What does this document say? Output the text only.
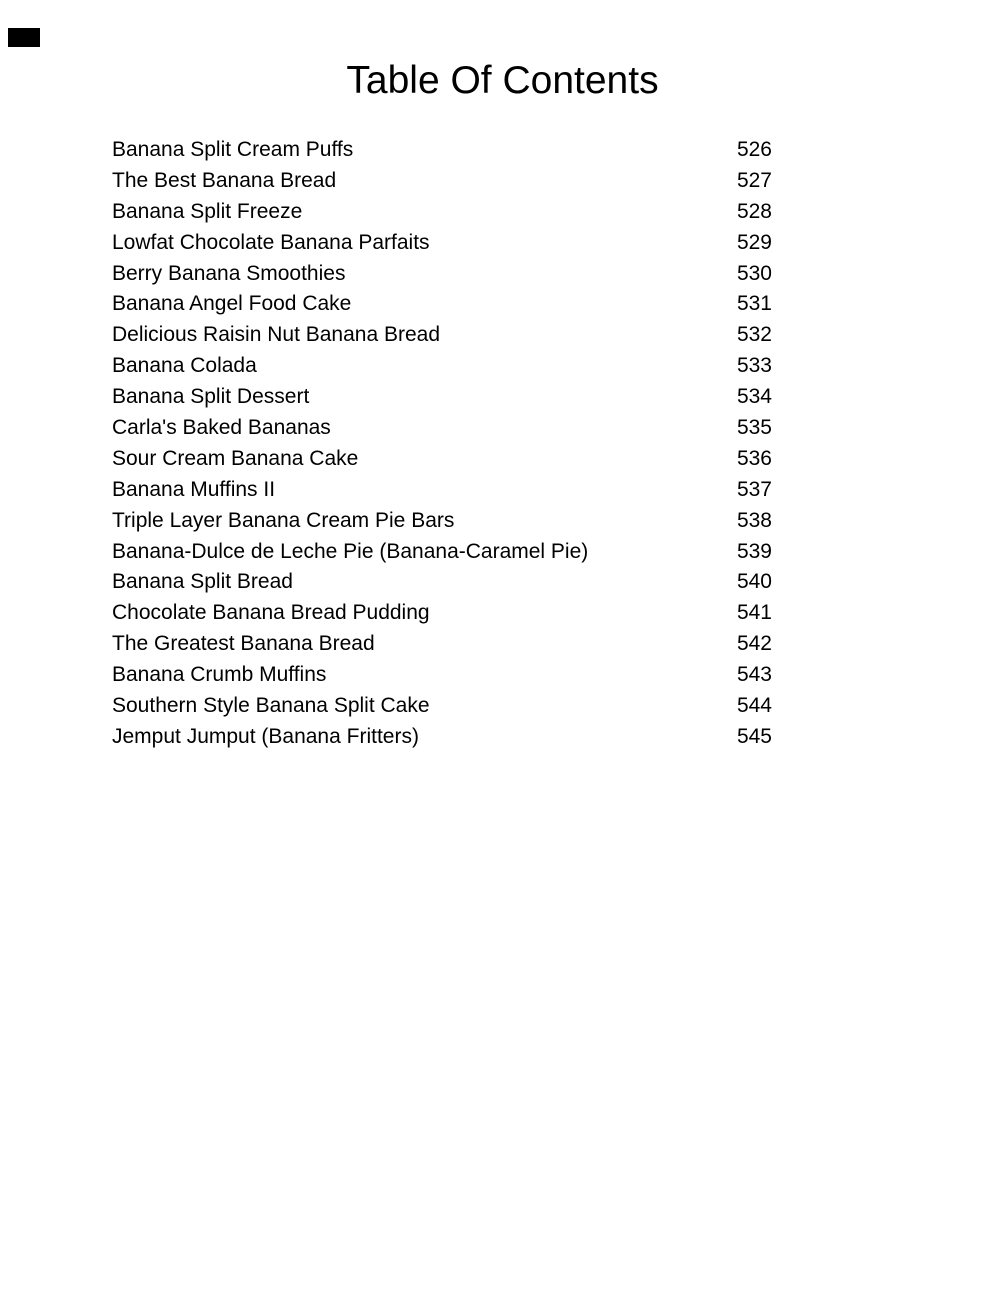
Table Of Contents
Banana Split Cream Puffs	526
The Best Banana Bread	527
Banana Split Freeze	528
Lowfat Chocolate Banana Parfaits	529
Berry Banana Smoothies	530
Banana Angel Food Cake	531
Delicious Raisin Nut Banana Bread	532
Banana Colada	533
Banana Split Dessert	534
Carla's Baked Bananas	535
Sour Cream Banana Cake	536
Banana Muffins II	537
Triple Layer Banana Cream Pie Bars	538
Banana-Dulce de Leche Pie (Banana-Caramel Pie)	539
Banana Split Bread	540
Chocolate Banana Bread Pudding	541
The Greatest Banana Bread	542
Banana Crumb Muffins	543
Southern Style Banana Split Cake	544
Jemput Jumput (Banana Fritters)	545
